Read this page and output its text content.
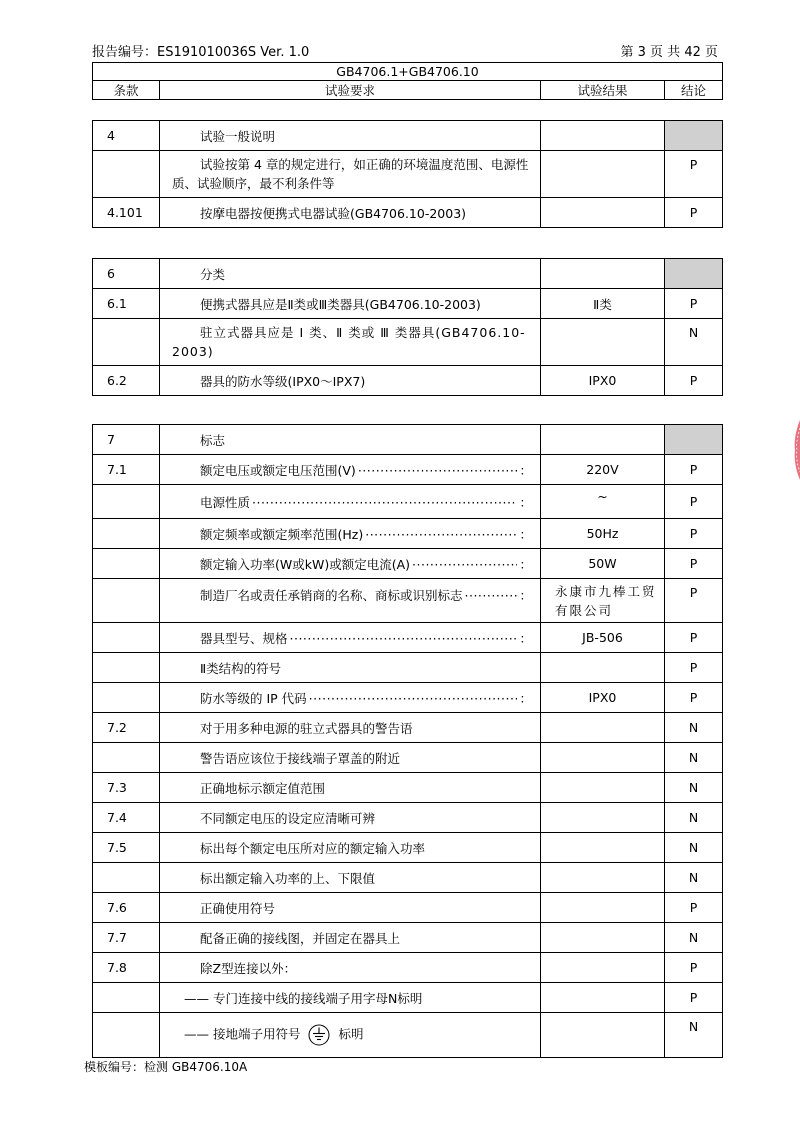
报告编号：ES191010036S Ver. 1.0	第 3 页 共 42 页
GB4706.1+GB4706.10
条款	试验要求	试验结果	结论
4	试验一般说明		
	试验按第 4 章的规定进行，如正确的环境温度范围、电源性质、试验顺序，最不利条件等		P
4.101	按摩电器按便携式电器试验(GB4706.10-2003)		P
6	分类		
6.1	便携式器具应是Ⅱ类或Ⅲ类器具(GB4706.10-2003)	Ⅱ类	P
	驻立式器具应是 Ⅰ 类、Ⅱ 类或 Ⅲ 类器具(GB4706.10-2003)		N
6.2	器具的防水等级(IPX0～IPX7)	IPX0	P
7	标志		
7.1	额定电压或额定电压范围(V) ····· ：	220V	P

	电源性质 ····· ：	~	P

	额定频率或额定频率范围(Hz) ····· ：	50Hz	P

	额定输入功率(W或kW)或额定电流(A) ····· ：	50W	P

	制造厂名或责任承销商的名称、商标或识别标志 ····· ：	永康市九棒工贸有限公司	P

	器具型号、规格 ····· ：	JB-506	P
	Ⅱ类结构的符号		P

	防水等级的 IP 代码 ····· ：	IPX0	P
7.2	对于用多种电源的驻立式器具的警告语		N
	警告语应该位于接线端子罩盖的附近		N
7.3	正确地标示额定值范围		N
7.4	不同额定电压的设定应清晰可辨		N
7.5	标出每个额定电压所对应的额定输入功率		N
	标出额定输入功率的上、下限值		N
7.6	正确使用符号		P
7.7	配备正确的接线图，并固定在器具上		N
7.8	除Z型连接以外：		P
	—— 专门连接中线的接线端子用字母N标明		P
	—— 接地端子用符号 标明		N
模板编号：检测 GB4706.10A
